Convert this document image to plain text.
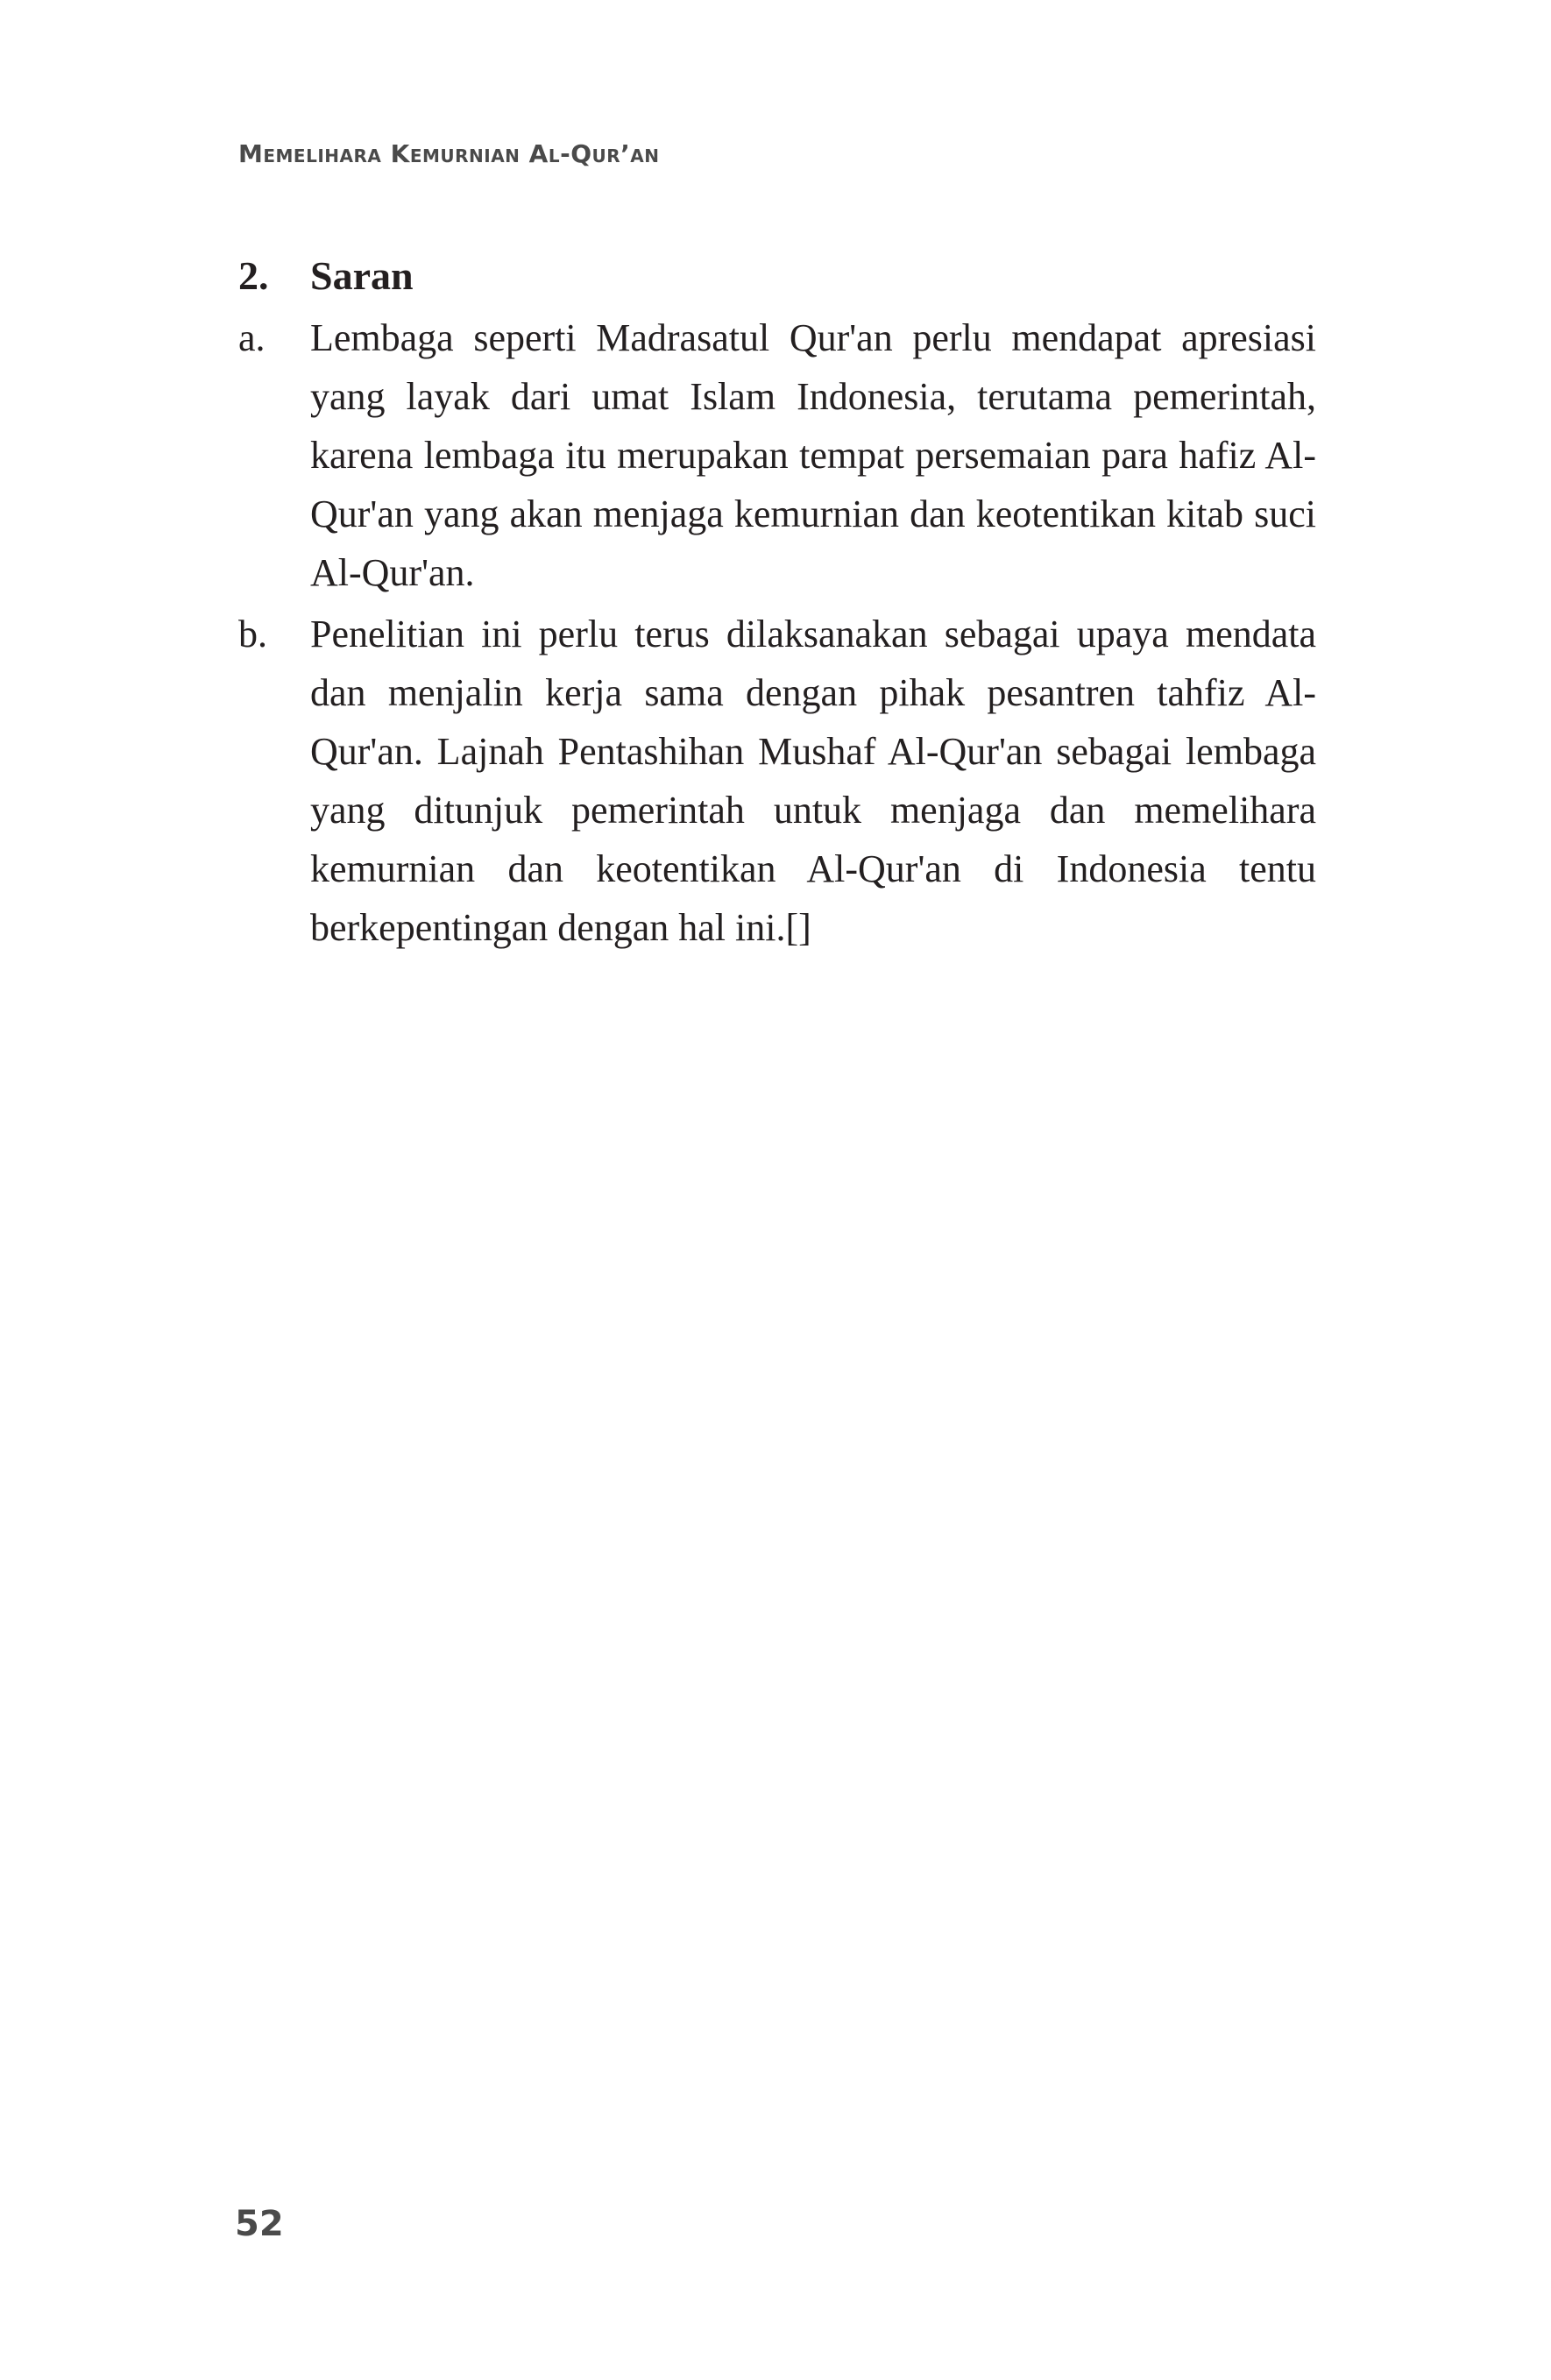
Memelihara Kemurnian Al-Qur’an
2. Saran
a. Lembaga seperti Madrasatul Qur'an perlu mendapat apresiasi yang layak dari umat Islam Indonesia, terutama pemerintah, karena lembaga itu merupakan tempat persemaian para hafiz Al-Qur'an yang akan menjaga kemurnian dan keotentikan kitab suci Al-Qur'an.
b. Penelitian ini perlu terus dilaksanakan sebagai upaya mendata dan menjalin kerja sama dengan pihak pesantren tahfiz Al-Qur'an. Lajnah Pentashihan Mushaf Al-Qur'an sebagai lembaga yang ditunjuk pemerintah untuk menjaga dan memelihara kemurnian dan keotentikan Al-Qur'an di Indonesia tentu berkepentingan dengan hal ini.[]
52
